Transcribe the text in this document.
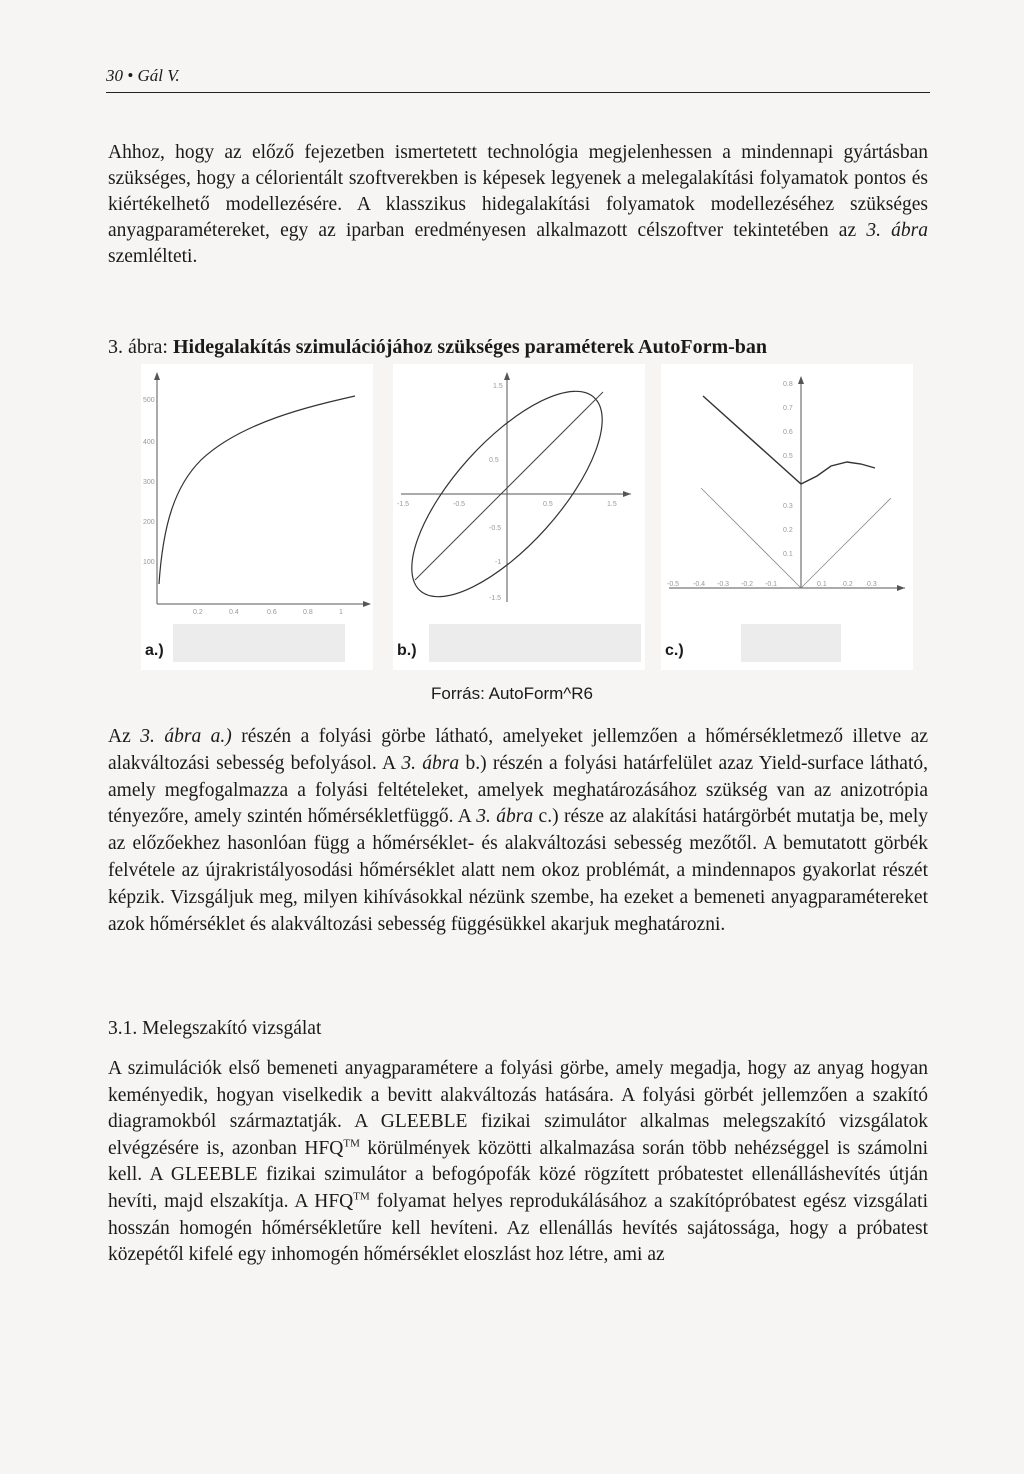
30 • Gál V.

Ahhoz, hogy az előző fejezetben ismertetett technológia megjelenhessen a mindennapi gyártásban szükséges, hogy a célorientált szoftverekben is képesek legyenek a melegalakítási folyamatok pontos és kiértékelhető modellezésére. A klasszikus hidegalakítási folyamatok modellezéséhez szükséges anyagparamétereket, egy az iparban eredményesen alkalmazott célszoftver tekintetében az 3. ábra szemlélteti.

3. ábra: Hidegalakítás szimulációjához szükséges paraméterek AutoForm-ban
500
400
300
200
100
0.2	0.4	0.6	0.8	1
a.)
1.5
0.5
-1.5	-0.5	0.5	1.5
-0.5
-1
-1.5
b.)
0.8
0.7
0.6
0.5
0.3
0.2
0.1
-0.5 -0.4 -0.3 -0.2 -0.1	0.1 0.2 0.3
c.)
Forrás: AutoForm^R6

Az 3. ábra a.) részén a folyási görbe látható, amelyeket jellemzően a hőmérsékletmező illetve az alakváltozási sebesség befolyásol. A 3. ábra b.) részén a folyási határfelület azaz Yield-surface látható, amely megfogalmazza a folyási feltételeket, amelyek meghatározásához szükség van az anizotrópia tényezőre, amely szintén hőmérsékletfüggő. A 3. ábra c.) része az alakítási határgörbét mutatja be, mely az előzőekhez hasonlóan függ a hőmérséklet- és alakváltozási sebesség mezőtől. A bemutatott görbék felvétele az újrakristályosodási hőmérséklet alatt nem okoz problémát, a mindennapos gyakorlat részét képzik. Vizsgáljuk meg, milyen kihívásokkal nézünk szembe, ha ezeket a bemeneti anyagparamétereket azok hőmérséklet és alakváltozási sebesség függésükkel akarjuk meghatározni.

3.1. Melegszakító vizsgálat

A szimulációk első bemeneti anyagparamétere a folyási görbe, amely megadja, hogy az anyag hogyan keményedik, hogyan viselkedik a bevitt alakváltozás hatására. A folyási görbét jellemzően a szakító diagramokból származtatják. A GLEEBLE fizikai szimulátor alkalmas melegszakító vizsgálatok elvégzésére is, azonban HFQ™ körülmények közötti alkalmazása során több nehézséggel is számolni kell. A GLEEBLE fizikai szimulátor a befogópofák közé rögzített próbatestet ellenálláshevítés útján hevíti, majd elszakítja. A HFQ™ folyamat helyes reprodukálásához a szakítópróbatest egész vizsgálati hosszán homogén hőmérsékletűre kell hevíteni. Az ellenállás hevítés sajátossága, hogy a próbatest közepétől kifelé egy inhomogén hőmérséklet eloszlást hoz létre, ami az
